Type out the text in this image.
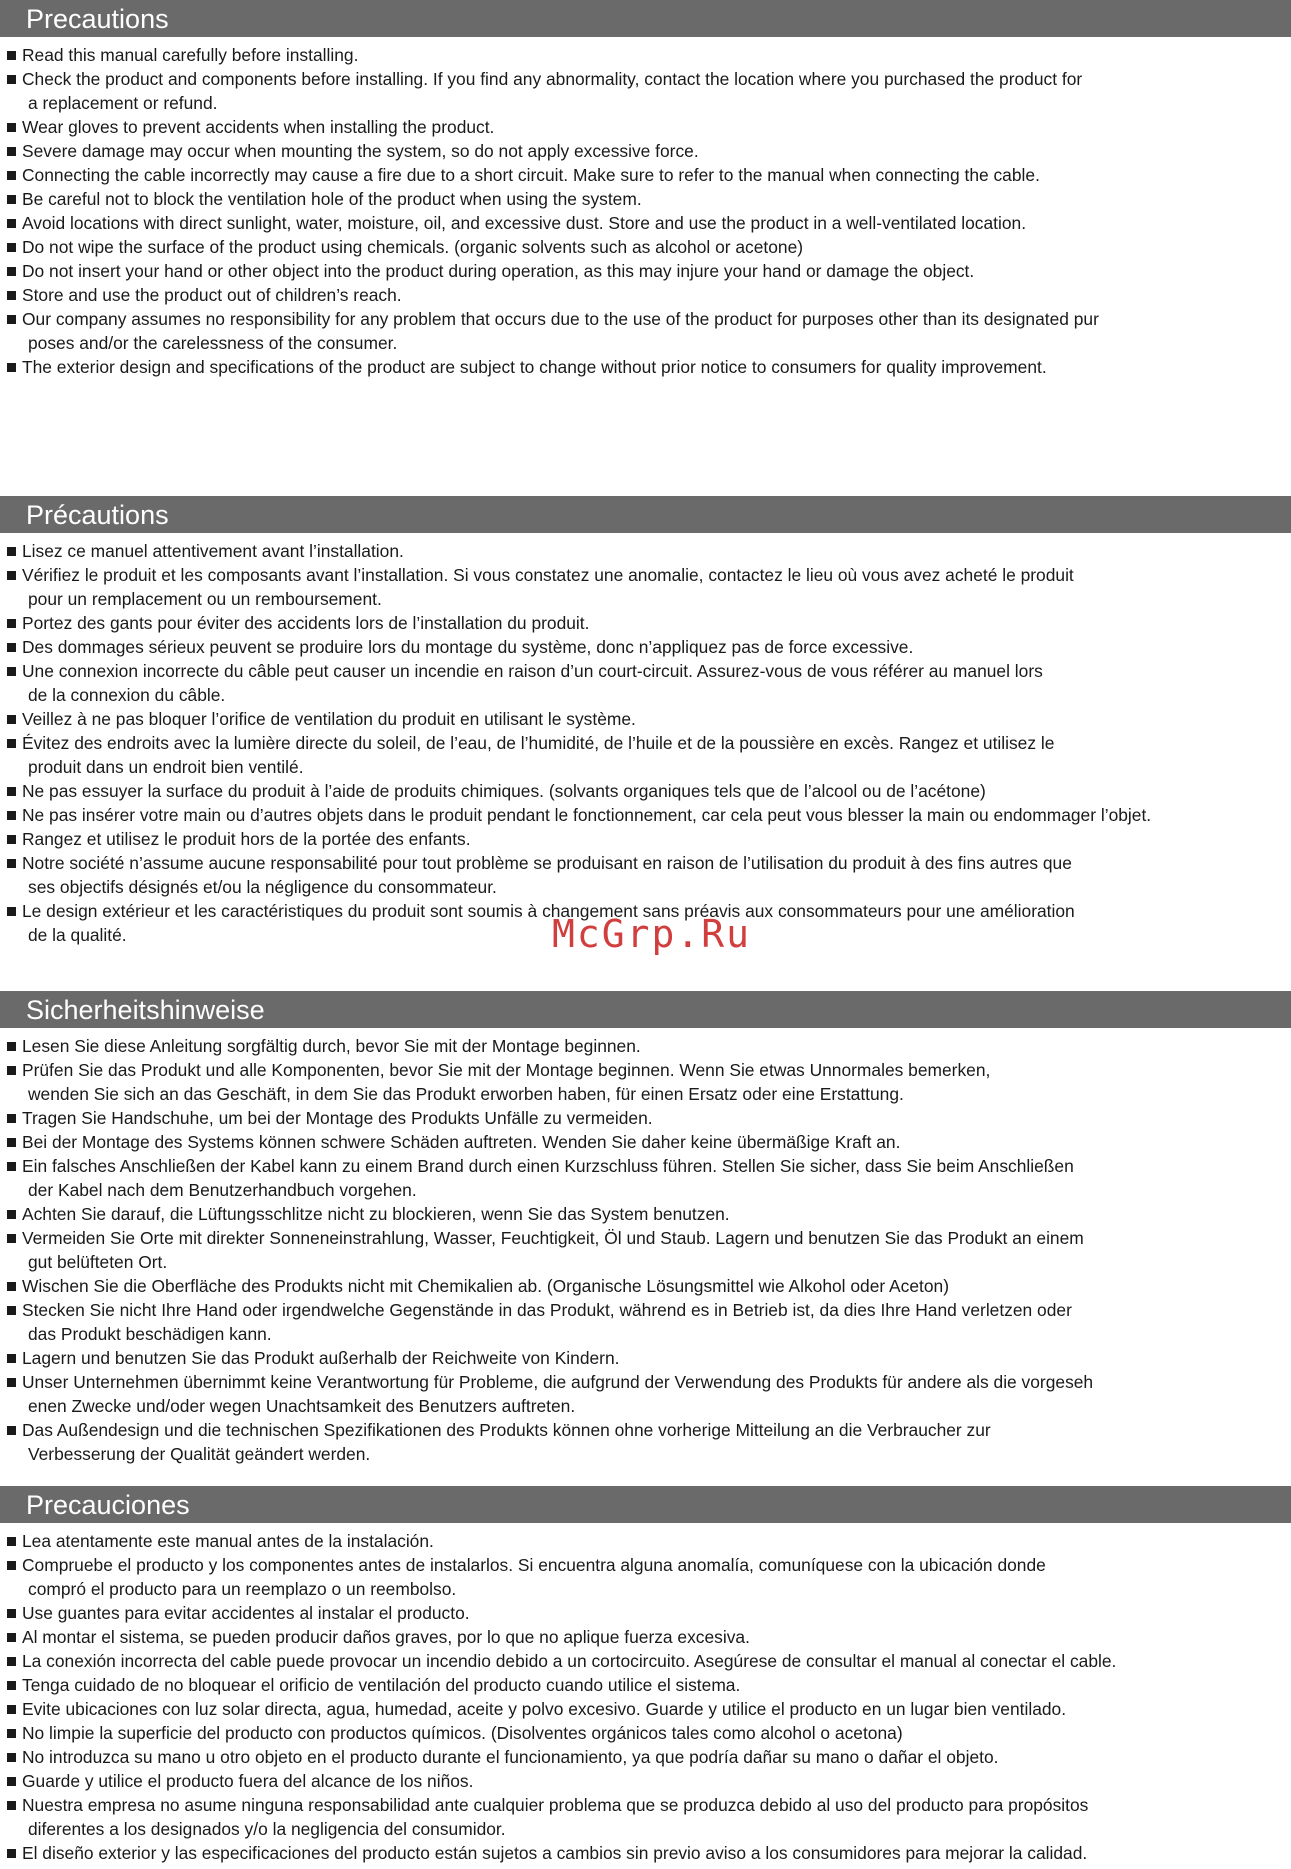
Precautions
Read this manual carefully before installing.
Check the product and components before installing. If you find any abnormality, contact the location where you purchased the product for
a replacement or refund.
Wear gloves to prevent accidents when installing the product.
Severe damage may occur when mounting the system, so do not apply excessive force.
Connecting the cable incorrectly may cause a fire due to a short circuit. Make sure to refer to the manual when connecting the cable.
Be careful not to block the ventilation hole of the product when using the system.
Avoid locations with direct sunlight, water, moisture, oil, and excessive dust. Store and use the product in a well-ventilated location.
Do not wipe the surface of the product using chemicals. (organic solvents such as alcohol or acetone)
Do not insert your hand or other object into the product during operation, as this may injure your hand or damage the object.
Store and use the product out of children’s reach.
Our company assumes no responsibility for any problem that occurs due to the use of the product for purposes other than its designated pur
poses and/or the carelessness of the consumer.
The exterior design and specifications of the product are subject to change without prior notice to consumers for quality improvement.
Précautions
Lisez ce manuel attentivement avant l’installation.
Vérifiez le produit et les composants avant l’installation. Si vous constatez une anomalie, contactez le lieu où vous avez acheté le produit
pour un remplacement ou un remboursement.
Portez des gants pour éviter des accidents lors de l’installation du produit.
Des dommages sérieux peuvent se produire lors du montage du système, donc n’appliquez pas de force excessive.
Une connexion incorrecte du câble peut causer un incendie en raison d’un court-circuit. Assurez-vous de vous référer au manuel lors
de la connexion du câble.
Veillez à ne pas bloquer l’orifice de ventilation du produit en utilisant le système.
Évitez des endroits avec la lumière directe du soleil, de l’eau, de l’humidité, de l’huile et de la poussière en excès. Rangez et utilisez le
produit dans un endroit bien ventilé.
Ne pas essuyer la surface du produit à l’aide de produits chimiques. (solvants organiques tels que de l’alcool ou de l’acétone)
Ne pas insérer votre main ou d’autres objets dans le produit pendant le fonctionnement, car cela peut vous blesser la main ou endommager l’objet.
Rangez et utilisez le produit hors de la portée des enfants.
Notre société n’assume aucune responsabilité pour tout problème se produisant en raison de l’utilisation du produit à des fins autres que
ses objectifs désignés et/ou la négligence du consommateur.
Le design extérieur et les caractéristiques du produit sont soumis à changement sans préavis aux consommateurs pour une amélioration
de la qualité.
Sicherheitshinweise
Lesen Sie diese Anleitung sorgfältig durch, bevor Sie mit der Montage beginnen.
Prüfen Sie das Produkt und alle Komponenten, bevor Sie mit der Montage beginnen. Wenn Sie etwas Unnormales bemerken,
wenden Sie sich an das Geschäft, in dem Sie das Produkt erworben haben, für einen Ersatz oder eine Erstattung.
Tragen Sie Handschuhe, um bei der Montage des Produkts Unfälle zu vermeiden.
Bei der Montage des Systems können schwere Schäden auftreten. Wenden Sie daher keine übermäßige Kraft an.
Ein falsches Anschließen der Kabel kann zu einem Brand durch einen Kurzschluss führen. Stellen Sie sicher, dass Sie beim Anschließen
der Kabel nach dem Benutzerhandbuch vorgehen.
Achten Sie darauf, die Lüftungsschlitze nicht zu blockieren, wenn Sie das System benutzen.
Vermeiden Sie Orte mit direkter Sonneneinstrahlung, Wasser, Feuchtigkeit, Öl und Staub. Lagern und benutzen Sie das Produkt an einem
gut belüfteten Ort.
Wischen Sie die Oberfläche des Produkts nicht mit Chemikalien ab. (Organische Lösungsmittel wie Alkohol oder Aceton)
Stecken Sie nicht Ihre Hand oder irgendwelche Gegenstände in das Produkt, während es in Betrieb ist, da dies Ihre Hand verletzen oder
das Produkt beschädigen kann.
Lagern und benutzen Sie das Produkt außerhalb der Reichweite von Kindern.
Unser Unternehmen übernimmt keine Verantwortung für Probleme, die aufgrund der Verwendung des Produkts für andere als die vorgeseh
enen Zwecke und/oder wegen Unachtsamkeit des Benutzers auftreten.
Das Außendesign und die technischen Spezifikationen des Produkts können ohne vorherige Mitteilung an die Verbraucher zur
Verbesserung der Qualität geändert werden.
Precauciones
Lea atentamente este manual antes de la instalación.
Compruebe el producto y los componentes antes de instalarlos. Si encuentra alguna anomalía, comuníquese con la ubicación donde
compró el producto para un reemplazo o un reembolso.
Use guantes para evitar accidentes al instalar el producto.
Al montar el sistema, se pueden producir daños graves, por lo que no aplique fuerza excesiva.
La conexión incorrecta del cable puede provocar un incendio debido a un cortocircuito. Asegúrese de consultar el manual al conectar el cable.
Tenga cuidado de no bloquear el orificio de ventilación del producto cuando utilice el sistema.
Evite ubicaciones con luz solar directa, agua, humedad, aceite y polvo excesivo. Guarde y utilice el producto en un lugar bien ventilado.
No limpie la superficie del producto con productos químicos. (Disolventes orgánicos tales como alcohol o acetona)
No introduzca su mano u otro objeto en el producto durante el funcionamiento, ya que podría dañar su mano o dañar el objeto.
Guarde y utilice el producto fuera del alcance de los niños.
Nuestra empresa no asume ninguna responsabilidad ante cualquier problema que se produzca debido al uso del producto para propósitos
diferentes a los designados y/o la negligencia del consumidor.
El diseño exterior y las especificaciones del producto están sujetos a cambios sin previo aviso a los consumidores para mejorar la calidad.
McGrp.Ru
